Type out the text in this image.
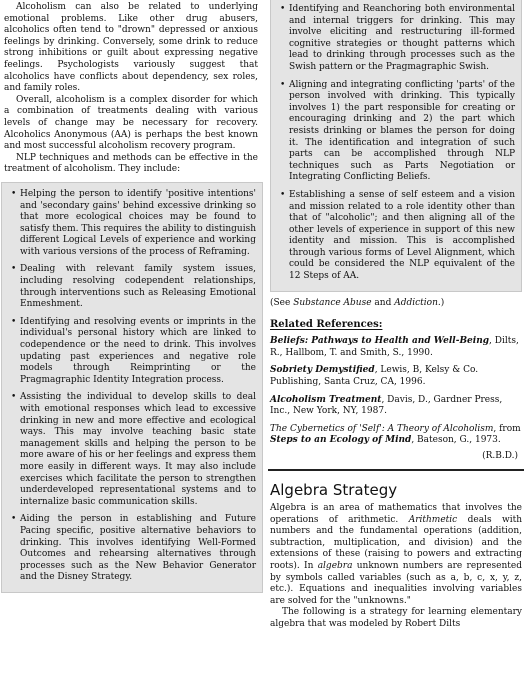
Alcoholism can also be related to underlying emotional problems. Like other drug abusers, alcoholics often tend to "drown" depressed or anxious feelings by drinking. Conversely, some drink to reduce strong inhibitions or guilt about expressing negative feelings. Psychologists variously suggest that alcoholics have conflicts about dependency, sex roles, and family roles.

Overall, alcoholism is a complex disorder for which a combination of treatments dealing with various levels of change may be necessary for recovery. Alcoholics Anonymous (AA) is perhaps the best known and most successful alcoholism recovery program.

NLP techniques and methods can be effective in the treatment of alcoholism. They include:

• Helping the person to identify 'positive intentions' and 'secondary gains' behind excessive drinking so that more ecological choices may be found to satisfy them. This requires the ability to distinguish different Logical Levels of experience and working with various versions of the process of Reframing.
• Dealing with relevant family system issues, including resolving codependent relationships, through interventions such as Releasing Emotional Enmeshment.
• Identifying and resolving events or imprints in the individual's personal history which are linked to codependence or the need to drink. This involves updating past experiences and negative role models through Reimprinting or the Pragmagraphic Identity Integration process.
• Assisting the individual to develop skills to deal with emotional responses which lead to excessive drinking in new and more effective and ecological ways. This may involve teaching basic state management skills and helping the person to be more aware of his or her feelings and express them more easily in different ways. It may also include exercises which facilitate the person to strengthen underdeveloped representational systems and to internalize basic communication skills.
• Aiding the person in establishing and Future Pacing specific, positive alternative behaviors to drinking. This involves identifying Well-Formed Outcomes and rehearsing alternatives through processes such as the New Behavior Generator and the Disney Strategy.
• Identifying and Reanchoring both environmental and internal triggers for drinking. This may involve eliciting and restructuring ill-formed cognitive strategies or thought patterns which lead to drinking through processes such as the Swish pattern or the Pragmagraphic Swish.
• Aligning and integrating conflicting 'parts' of the person involved with drinking. This typically involves 1) the part responsible for creating or encouraging drinking and 2) the part which resists drinking or blames the person for doing it. The identification and integration of such parts can be accomplished through NLP techniques such as Parts Negotiation or Integrating Conflicting Beliefs.
• Establishing a sense of self esteem and a vision and mission related to a role identity other than that of "alcoholic"; and then aligning all of the other levels of experience in support of this new identity and mission. This is accomplished through various forms of Level Alignment, which could be considered the NLP equivalent of the 12 Steps of AA.

(See Substance Abuse and Addiction.)

Related References:

Beliefs: Pathways to Health and Well-Being, Dilts, R., Hallbom, T. and Smith, S., 1990.

Sobriety Demystified, Lewis, B, Kelsy & Co. Publishing, Santa Cruz, CA, 1996.

Alcoholism Treatment, Davis, D., Gardner Press, Inc., New York, NY, 1987.

The Cybernetics of 'Self': A Theory of Alcoholism, from Steps to an Ecology of Mind, Bateson, G., 1973.

(R.B.D.)
Algebra Strategy

Algebra is an area of mathematics that involves the operations of arithmetic. Arithmetic deals with numbers and the fundamental operations (addition, subtraction, multiplication, and division) and the extensions of these (raising to powers and extracting roots). In algebra unknown numbers are represented by symbols called variables (such as a, b, c, x, y, z, etc.). Equations and inequalities involving variables are solved for the "unknowns."

The following is a strategy for learning elementary algebra that was modeled by Robert Dilts
